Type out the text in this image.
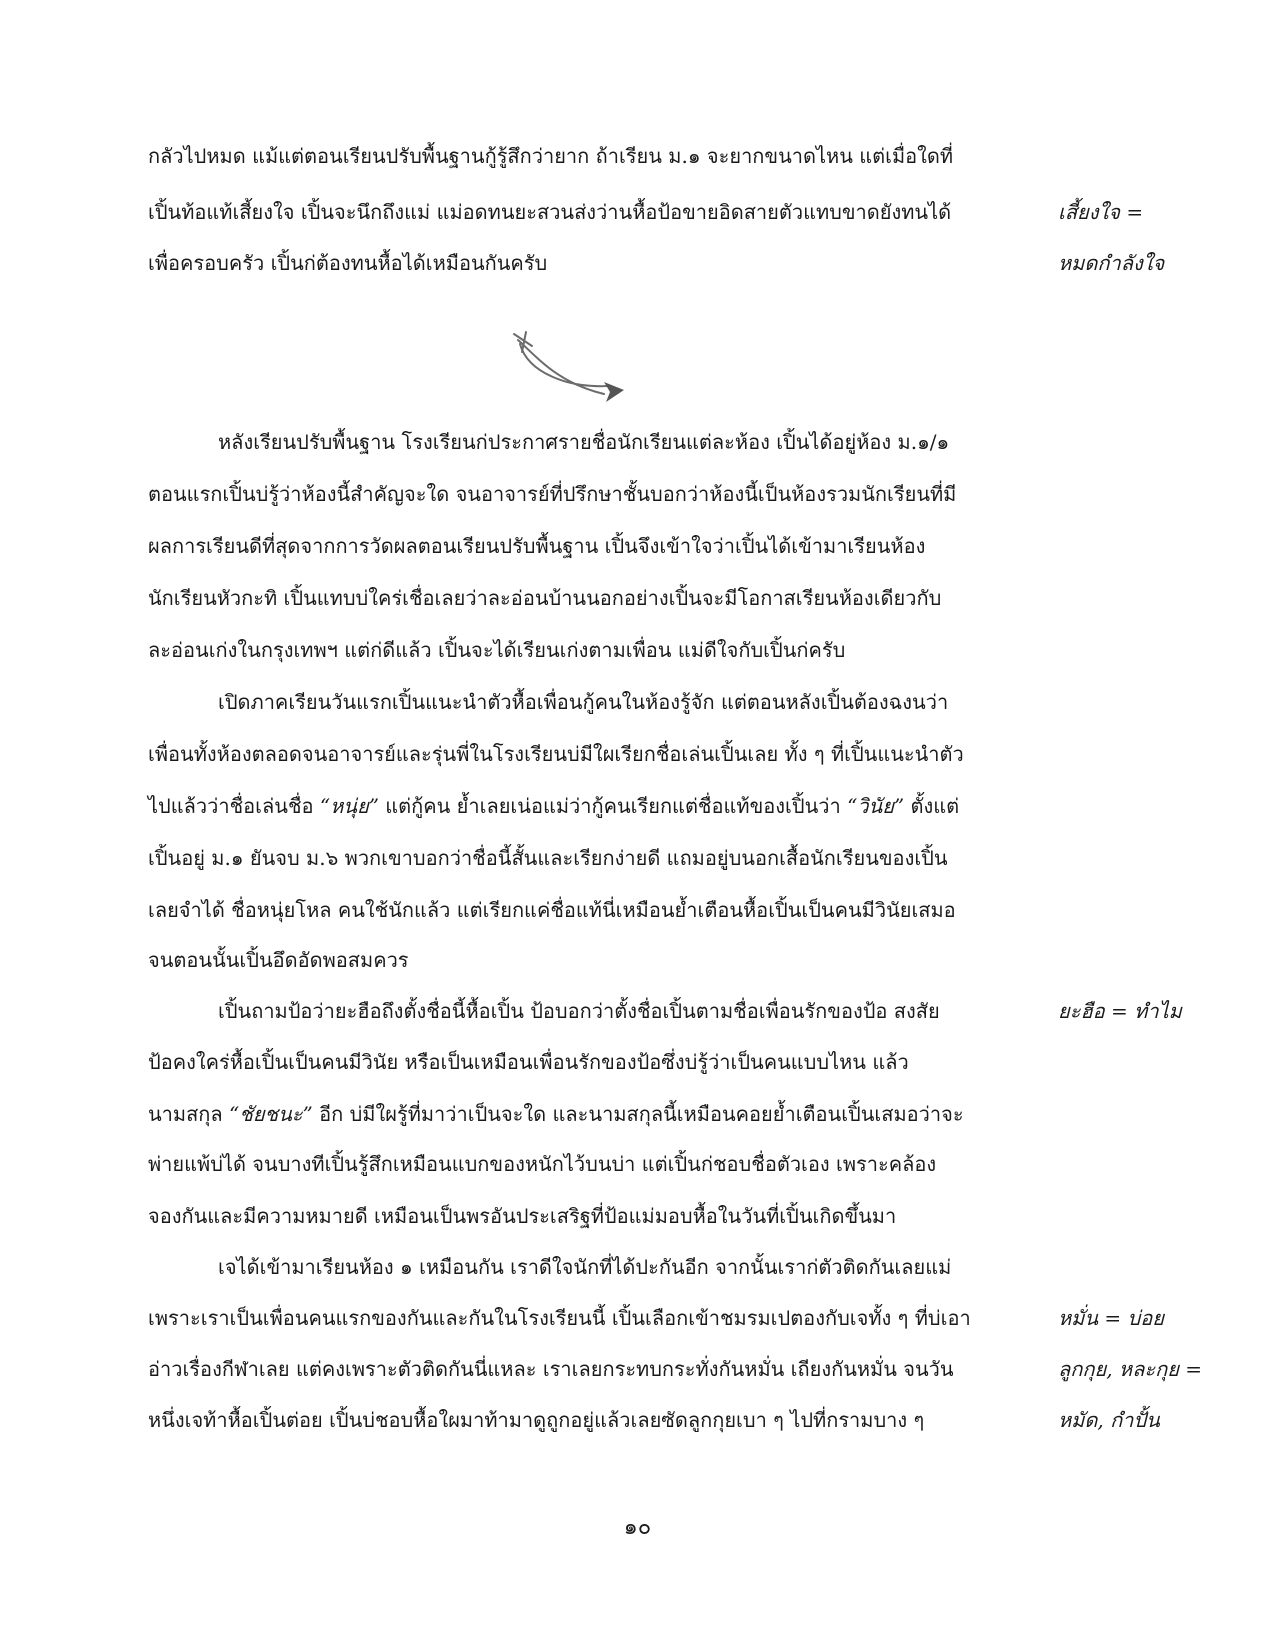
กลัวไปหมด แม้แต่ตอนเรียนปรับพื้นฐานกู้รู้สึกว่ายาก ถ้าเรียน ม.๑ จะยากขนาดไหน แต่เมื่อใดที่
เปิ้นท้อแท้เสี้ยงใจ เปิ้นจะนึกถึงแม่ แม่อดทนยะสวนส่งว่านหื้อป้อขายอิดสายตัวแทบขาดยังทนได้
เพื่อครอบครัว เปิ้นก่ต้องทนหื้อได้เหมือนกันครับ
เสี้ยงใจ =
หมดกำลังใจ
หลังเรียนปรับพื้นฐาน โรงเรียนก่ประกาศรายชื่อนักเรียนแต่ละห้อง เปิ้นได้อยู่ห้อง ม.๑/๑
ตอนแรกเปิ้นบ่รู้ว่าห้องนี้สำคัญจะใด จนอาจารย์ที่ปรึกษาชั้นบอกว่าห้องนี้เป็นห้องรวมนักเรียนที่มี
ผลการเรียนดีที่สุดจากการวัดผลตอนเรียนปรับพื้นฐาน เปิ้นจึงเข้าใจว่าเปิ้นได้เข้ามาเรียนห้อง
นักเรียนหัวกะทิ เปิ้นแทบบ่ใคร่เชื่อเลยว่าละอ่อนบ้านนอกอย่างเปิ้นจะมีโอกาสเรียนห้องเดียวกับ
ละอ่อนเก่งในกรุงเทพฯ แต่ก่ดีแล้ว เปิ้นจะได้เรียนเก่งตามเพื่อน แม่ดีใจกับเปิ้นก่ครับ
เปิดภาคเรียนวันแรกเปิ้นแนะนำตัวหื้อเพื่อนกู้คนในห้องรู้จัก แต่ตอนหลังเปิ้นต้องฉงนว่า
เพื่อนทั้งห้องตลอดจนอาจารย์และรุ่นพี่ในโรงเรียนบ่มีใผเรียกชื่อเล่นเปิ้นเลย ทั้ง ๆ ที่เปิ้นแนะนำตัว
ไปแล้วว่าชื่อเล่นชื่อ “หนุ่ย” แต่กู้คน ย้ำเลยเน่อแม่ว่ากู้คนเรียกแต่ชื่อแท้ของเปิ้นว่า “วินัย” ตั้งแต่
เปิ้นอยู่ ม.๑ ยันจบ ม.๖ พวกเขาบอกว่าชื่อนี้สั้นและเรียกง่ายดี แถมอยู่บนอกเสื้อนักเรียนของเปิ้น
เลยจำได้ ชื่อหนุ่ยโหล คนใช้นักแล้ว แต่เรียกแค่ชื่อแท้นี่เหมือนย้ำเตือนหื้อเปิ้นเป็นคนมีวินัยเสมอ
จนตอนนั้นเปิ้นอึดอัดพอสมควร
เปิ้นถามป้อว่ายะฮือถึงตั้งชื่อนี้หื้อเปิ้น ป้อบอกว่าตั้งชื่อเปิ้นตามชื่อเพื่อนรักของป้อ สงสัย
ป้อคงใคร่หื้อเปิ้นเป็นคนมีวินัย หรือเป็นเหมือนเพื่อนรักของป้อซึ่งบ่รู้ว่าเป็นคนแบบไหน แล้ว
นามสกุล “ชัยชนะ” อีก บ่มีใผรู้ที่มาว่าเป็นจะใด และนามสกุลนี้เหมือนคอยย้ำเตือนเปิ้นเสมอว่าจะ
พ่ายแพ้บ่ได้ จนบางทีเปิ้นรู้สึกเหมือนแบกของหนักไว้บนบ่า แต่เปิ้นก่ชอบชื่อตัวเอง เพราะคล้อง
จองกันและมีความหมายดี เหมือนเป็นพรอันประเสริฐที่ป้อแม่มอบหื้อในวันที่เปิ้นเกิดขึ้นมา
ยะฮือ = ทำไม
เจได้เข้ามาเรียนห้อง ๑ เหมือนกัน เราดีใจนักที่ได้ปะกันอีก จากนั้นเราก่ตัวติดกันเลยแม่
เพราะเราเป็นเพื่อนคนแรกของกันและกันในโรงเรียนนี้ เปิ้นเลือกเข้าชมรมเปตองกับเจทั้ง ๆ ที่บ่เอา
อ่าวเรื่องกีฬาเลย แต่คงเพราะตัวติดกันนี่แหละ เราเลยกระทบกระทั่งกันหมั่น เถียงกันหมั่น จนวัน
หนึ่งเจท้าหื้อเปิ้นต่อย เปิ้นบ่ชอบหื้อใผมาท้ามาดูถูกอยู่แล้วเลยซัดลูกกุยเบา ๆ ไปที่กรามบาง ๆ
หมั่น = บ่อย
ลูกกุย, หละกุย =
หมัด, กำปั้น
๑๐
